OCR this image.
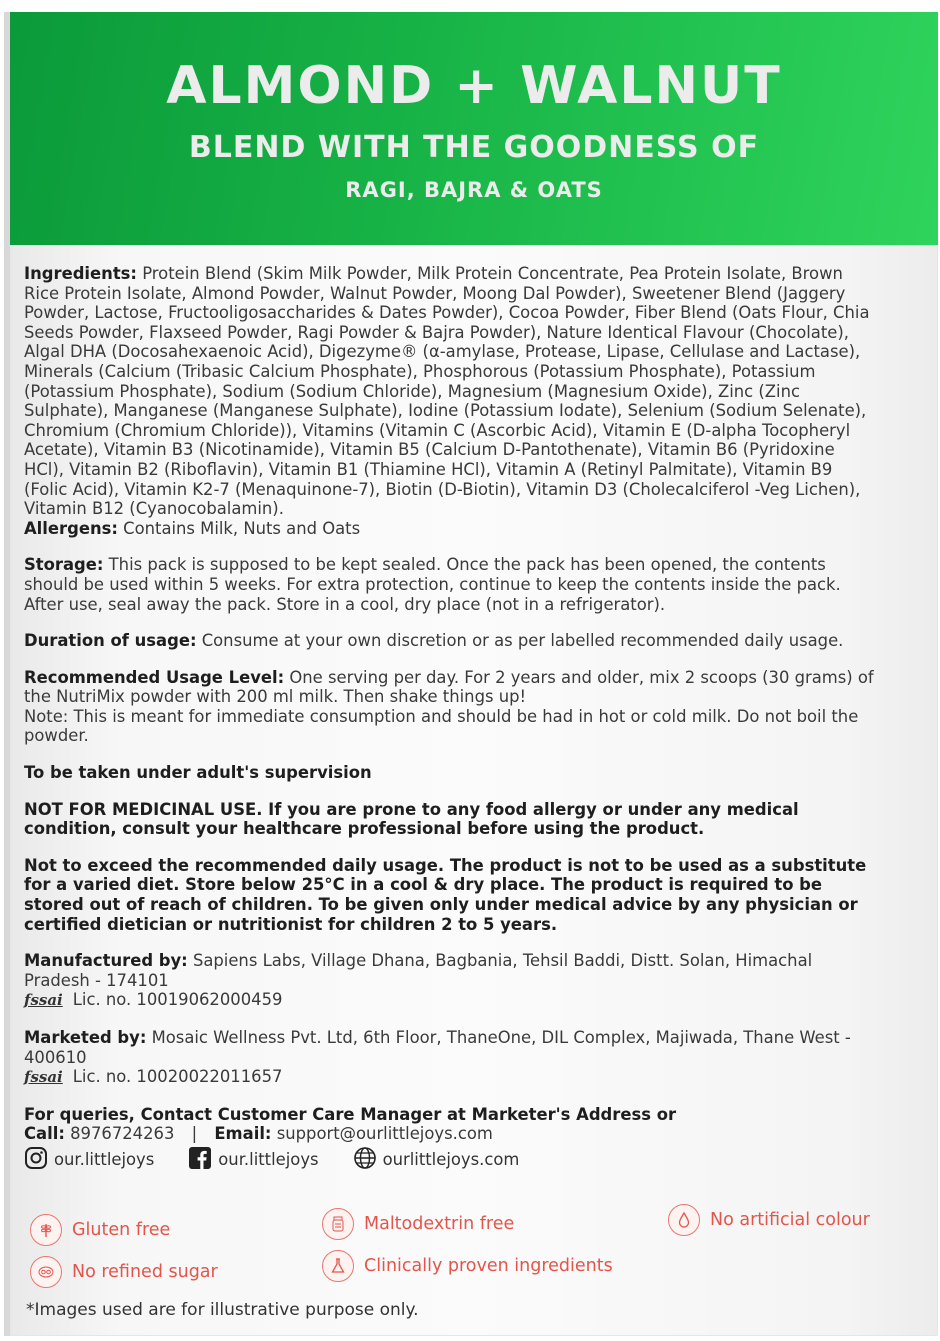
ALMOND + WALNUT
BLEND WITH THE GOODNESS OF
RAGI, BAJRA & OATS

Ingredients: Protein Blend (Skim Milk Powder, Milk Protein Concentrate, Pea Protein Isolate, Brown Rice Protein Isolate, Almond Powder, Walnut Powder, Moong Dal Powder), Sweetener Blend (Jaggery Powder, Lactose, Fructooligosaccharides & Dates Powder), Cocoa Powder, Fiber Blend (Oats Flour, Chia Seeds Powder, Flaxseed Powder, Ragi Powder & Bajra Powder), Nature Identical Flavour (Chocolate), Algal DHA (Docosahexaenoic Acid), Digezyme® (α-amylase, Protease, Lipase, Cellulase and Lactase), Minerals (Calcium (Tribasic Calcium Phosphate), Phosphorous (Potassium Phosphate), Potassium (Potassium Phosphate), Sodium (Sodium Chloride), Magnesium (Magnesium Oxide), Zinc (Zinc Sulphate), Manganese (Manganese Sulphate), Iodine (Potassium Iodate), Selenium (Sodium Selenate), Chromium (Chromium Chloride)), Vitamins (Vitamin C (Ascorbic Acid), Vitamin E (D-alpha Tocopheryl Acetate), Vitamin B3 (Nicotinamide), Vitamin B5 (Calcium D-Pantothenate), Vitamin B6 (Pyridoxine HCl), Vitamin B2 (Riboflavin), Vitamin B1 (Thiamine HCl), Vitamin A (Retinyl Palmitate), Vitamin B9 (Folic Acid), Vitamin K2-7 (Menaquinone-7), Biotin (D-Biotin), Vitamin D3 (Cholecalciferol -Veg Lichen), Vitamin B12 (Cyanocobalamin).

Allergens: Contains Milk, Nuts and Oats

Storage: This pack is supposed to be kept sealed. Once the pack has been opened, the contents should be used within 5 weeks. For extra protection, continue to keep the contents inside the pack. After use, seal away the pack. Store in a cool, dry place (not in a refrigerator).

Duration of usage: Consume at your own discretion or as per labelled recommended daily usage.

Recommended Usage Level: One serving per day. For 2 years and older, mix 2 scoops (30 grams) of the NutriMix powder with 200 ml milk. Then shake things up!
Note: This is meant for immediate consumption and should be had in hot or cold milk. Do not boil the powder.

To be taken under adult's supervision

NOT FOR MEDICINAL USE. If you are prone to any food allergy or under any medical condition, consult your healthcare professional before using the product.

Not to exceed the recommended daily usage. The product is not to be used as a substitute for a varied diet. Store below 25°C in a cool & dry place. The product is required to be stored out of reach of children. To be given only under medical advice by any physician or certified dietician or nutritionist for children 2 to 5 years.

Manufactured by: Sapiens Labs, Village Dhana, Bagbania, Tehsil Baddi, Distt. Solan, Himachal Pradesh - 174101
fssai Lic. no. 10019062000459

Marketed by: Mosaic Wellness Pvt. Ltd, 6th Floor, ThaneOne, DIL Complex, Majiwada, Thane West - 400610
fssai Lic. no. 10020022011657

For queries, Contact Customer Care Manager at Marketer's Address or
Call: 8976724263 | Email: support@ourlittlejoys.com
our.littlejoys	our.littlejoys	ourlittlejoys.com
Gluten free	Maltodextrin free	No artificial colour
No refined sugar	Clinically proven ingredients
*Images used are for illustrative purpose only.
